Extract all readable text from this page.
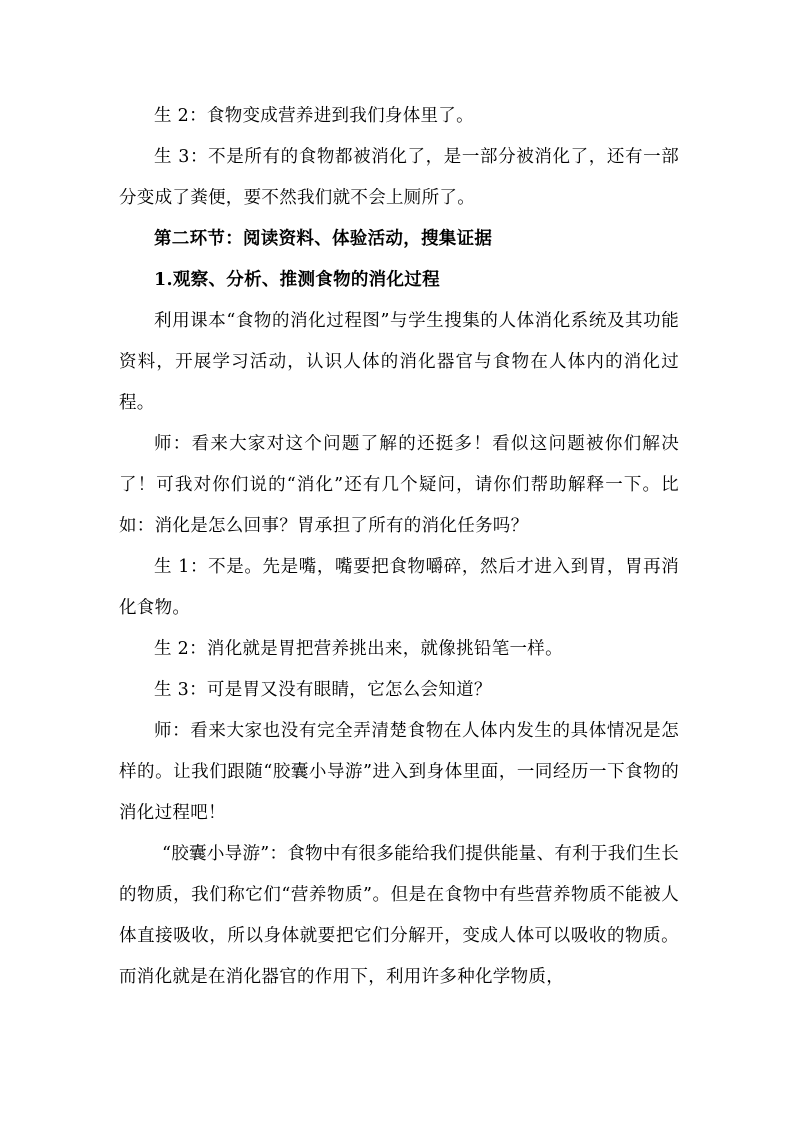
生 2：食物变成营养进到我们身体里了。

生 3：不是所有的食物都被消化了，是一部分被消化了，还有一部分变成了粪便，要不然我们就不会上厕所了。

第二环节：阅读资料、体验活动，搜集证据

1.观察、分析、推测食物的消化过程

利用课本“食物的消化过程图”与学生搜集的人体消化系统及其功能资料，开展学习活动，认识人体的消化器官与食物在人体内的消化过程。

师：看来大家对这个问题了解的还挺多！看似这问题被你们解决了！可我对你们说的“消化”还有几个疑问，请你们帮助解释一下。比如：消化是怎么回事？胃承担了所有的消化任务吗？

生 1：不是。先是嘴，嘴要把食物嚼碎，然后才进入到胃，胃再消化食物。

生 2：消化就是胃把营养挑出来，就像挑铅笔一样。

生 3：可是胃又没有眼睛，它怎么会知道？

师：看来大家也没有完全弄清楚食物在人体内发生的具体情况是怎样的。让我们跟随“胶囊小导游”进入到身体里面，一同经历一下食物的消化过程吧！

“胶囊小导游”：食物中有很多能给我们提供能量、有利于我们生长的物质，我们称它们“营养物质”。但是在食物中有些营养物质不能被人体直接吸收，所以身体就要把它们分解开，变成人体可以吸收的物质。而消化就是在消化器官的作用下，利用许多种化学物质，
